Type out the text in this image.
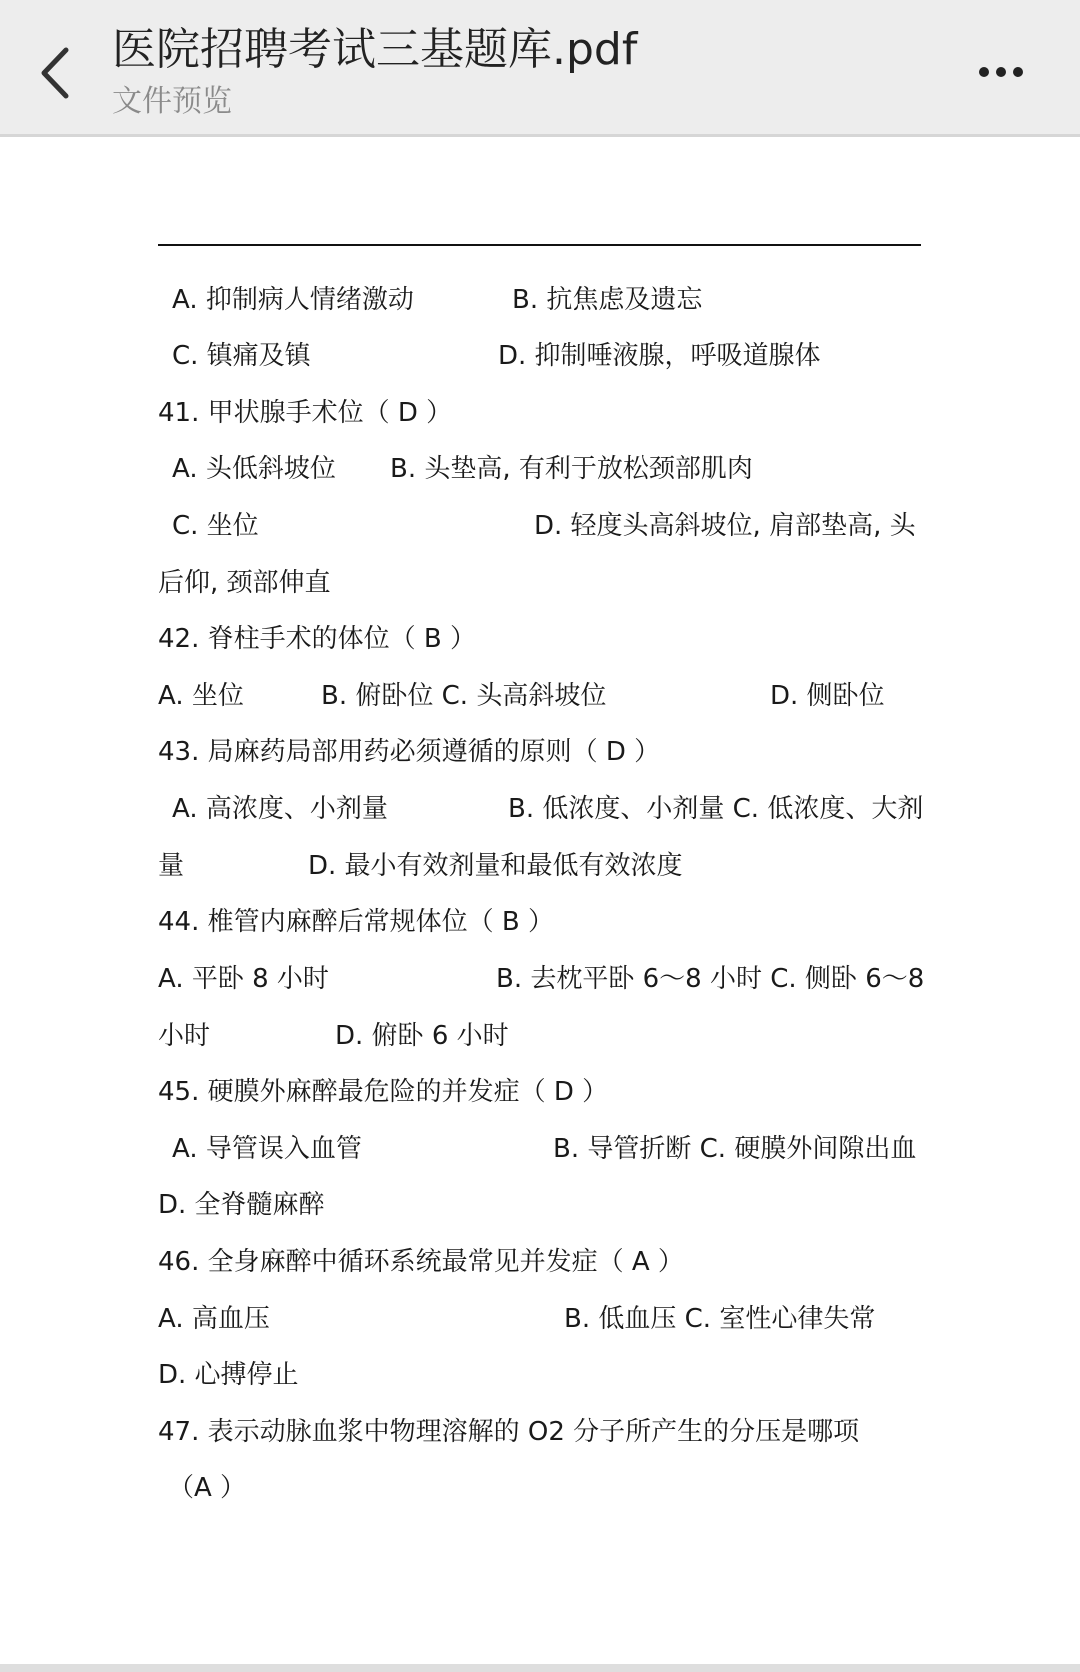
医院招聘考试三基题库.pdf
文件预览
A. 抑制病人情绪激动	B. 抗焦虑及遗忘
C. 镇痛及镇	D. 抑制唾液腺，呼吸道腺体
41. 甲状腺手术位（ D ）
A. 头低斜坡位 B. 头垫高, 有利于放松颈部肌肉
C. 坐位	D. 轻度头高斜坡位, 肩部垫高, 头
后仰, 颈部伸直
42. 脊柱手术的体位（ B ）
A. 坐位	B. 俯卧位 C. 头高斜坡位	D. 侧卧位
43. 局麻药局部用药必须遵循的原则（ D ）
A. 高浓度、小剂量	B. 低浓度、小剂量 C. 低浓度、大剂
量	D. 最小有效剂量和最低有效浓度
44. 椎管内麻醉后常规体位（ B ）
A. 平卧 8 小时	B. 去枕平卧 6～8 小时 C. 侧卧 6～8
小时	D. 俯卧 6 小时
45. 硬膜外麻醉最危险的并发症（ D ）
A. 导管误入血管	B. 导管折断 C. 硬膜外间隙出血
D. 全脊髓麻醉
46. 全身麻醉中循环系统最常见并发症（ A ）
A. 高血压	B. 低血压 C. 室性心律失常
D. 心搏停止
47. 表示动脉血浆中物理溶解的 O2 分子所产生的分压是哪项
（A ）
